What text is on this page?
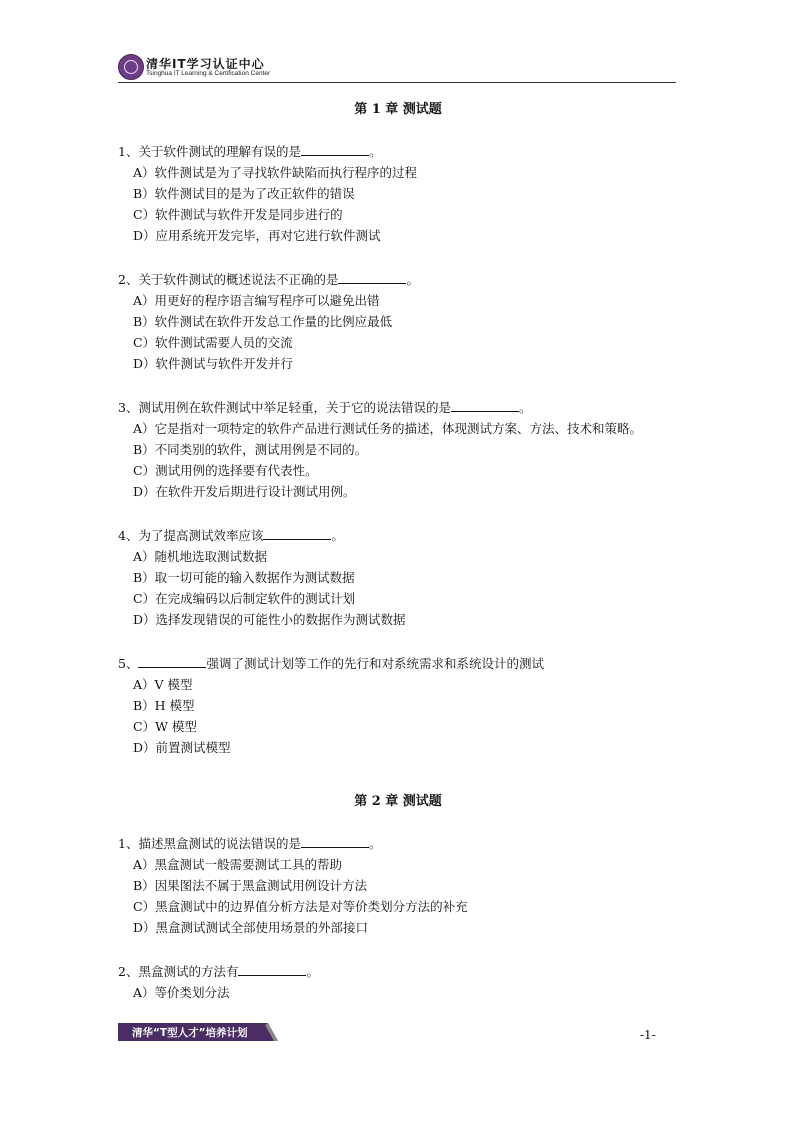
清华IT学习认证中心
Tsinghua IT Learning & Certification Center
第 1 章 测试题
1、关于软件测试的理解有误的是	。
A）软件测试是为了寻找软件缺陷而执行程序的过程
B）软件测试目的是为了改正软件的错误
C）软件测试与软件开发是同步进行的
D）应用系统开发完毕，再对它进行软件测试
2、关于软件测试的概述说法不正确的是	。
A）用更好的程序语言编写程序可以避免出错
B）软件测试在软件开发总工作量的比例应最低
C）软件测试需要人员的交流
D）软件测试与软件开发并行
3、测试用例在软件测试中举足轻重，关于它的说法错误的是	。
A）它是指对一项特定的软件产品进行测试任务的描述，体现测试方案、方法、技术和策略。
B）不同类别的软件，测试用例是不同的。
C）测试用例的选择要有代表性。
D）在软件开发后期进行设计测试用例。
4、为了提高测试效率应该	。
A）随机地选取测试数据
B）取一切可能的输入数据作为测试数据
C）在完成编码以后制定软件的测试计划
D）选择发现错误的可能性小的数据作为测试数据
5、	强调了测试计划等工作的先行和对系统需求和系统设计的测试
A）V 模型
B）H 模型
C）W 模型
D）前置测试模型
第 2 章 测试题
1、描述黑盒测试的说法错误的是	。
A）黑盒测试一般需要测试工具的帮助
B）因果图法不属于黑盒测试用例设计方法
C）黑盒测试中的边界值分析方法是对等价类划分方法的补充
D）黑盒测试测试全部使用场景的外部接口
2、黑盒测试的方法有	。
A）等价类划分法
清华“T型人才”培养计划	-1-
